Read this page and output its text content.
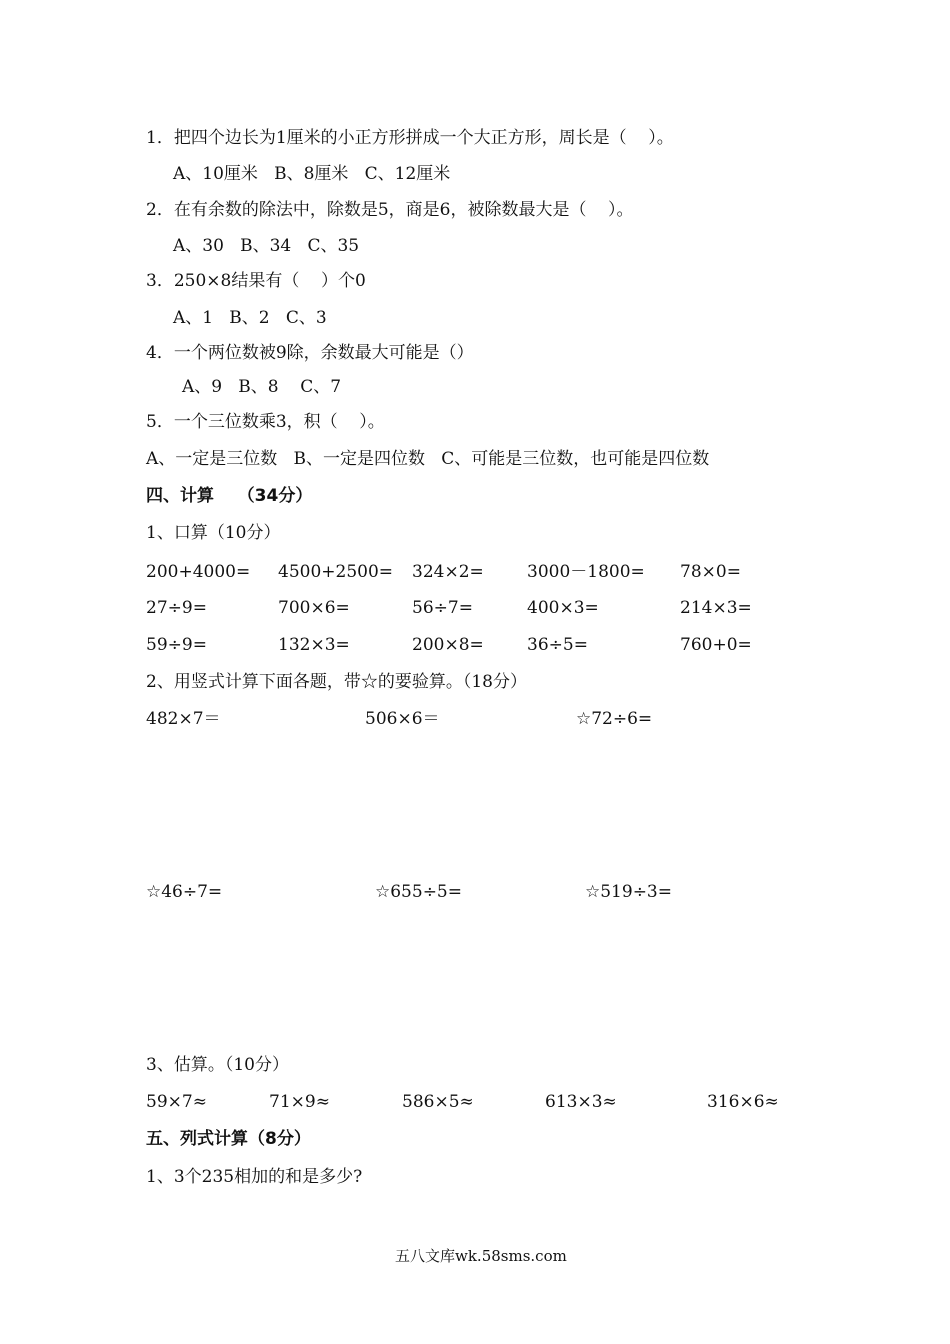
1．把四个边长为1厘米的小正方形拼成一个大正方形，周长是（    ）。
A、10厘米   B、8厘米   C、12厘米
2．在有余数的除法中，除数是5，商是6，被除数最大是（    ）。
A、30   B、34   C、35
3．250×8结果有（    ）个0
A、1   B、2   C、3
4．一个两位数被9除，余数最大可能是（）
A、9   B、8    C、7
5．一个三位数乘3，积（    ）。
A、一定是三位数   B、一定是四位数   C、可能是三位数，也可能是四位数
四、计算    （34分）
1、口算（10分）
200+4000= 4500+2500= 324×2=	3000－1800= 78×0=
27÷9=	700×6=	56÷7=	400×3=	214×3=
59÷9=	132×3=	200×8=	36÷5=	760+0=
2、用竖式计算下面各题，带☆的要验算。（18分）
482×7＝	506×6＝	☆72÷6=
☆46÷7=	☆655÷5=	☆519÷3=
3、估算。（10分）
59×7≈	71×9≈	586×5≈	613×3≈	316×6≈
五、列式计算（8分）
1、3个235相加的和是多少?
五八文库wk.58sms.com
